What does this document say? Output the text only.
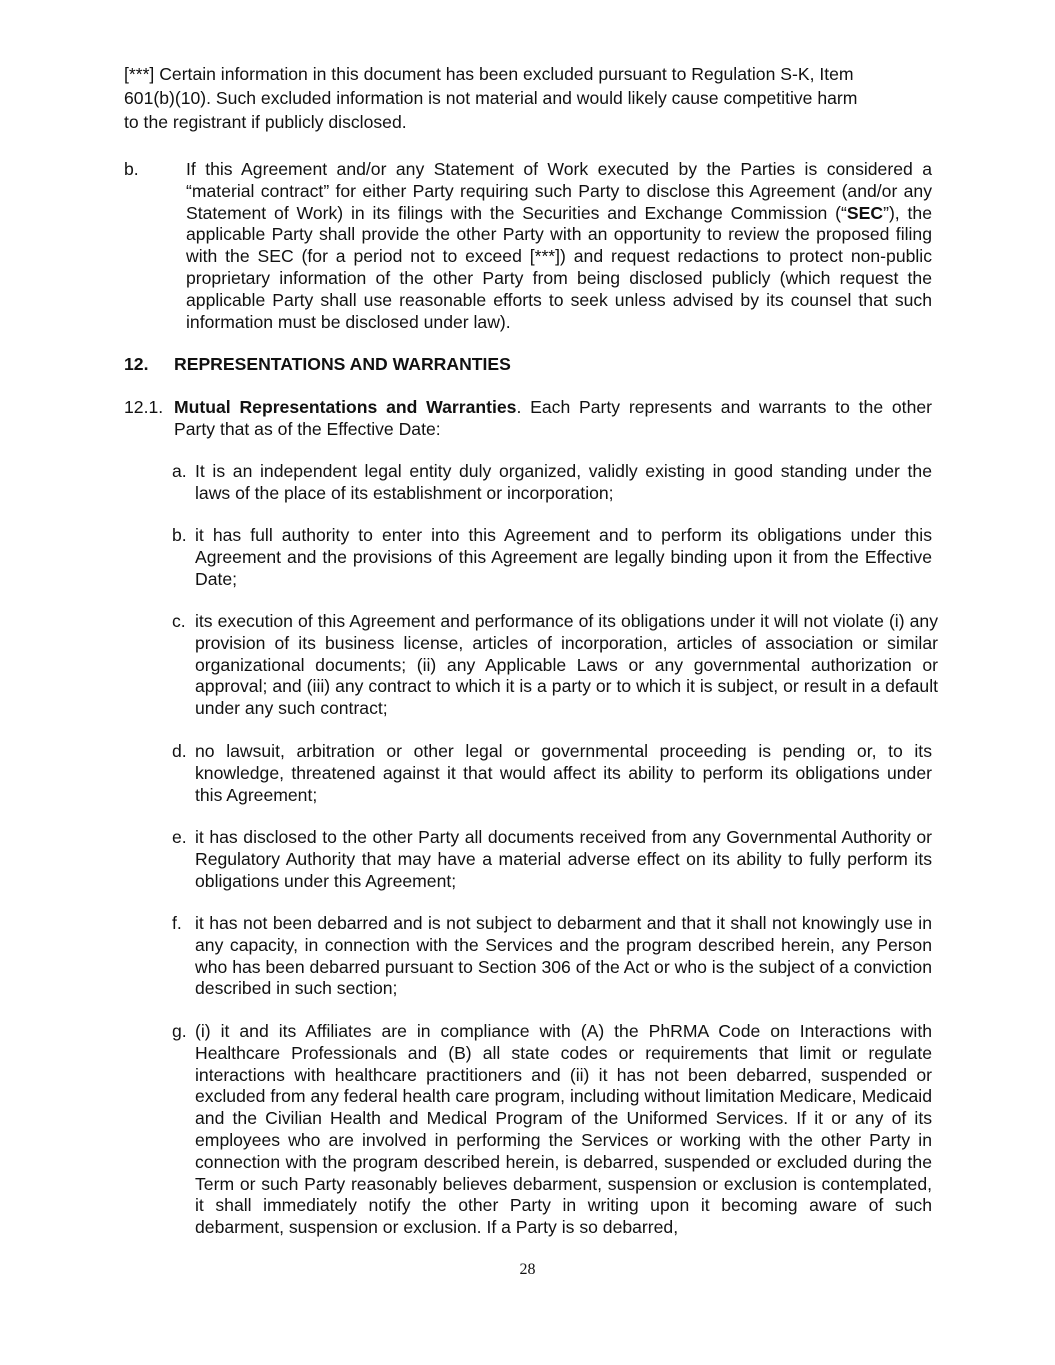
[***] Certain information in this document has been excluded pursuant to Regulation S-K, Item
601(b)(10). Such excluded information is not material and would likely cause competitive harm
to the registrant if publicly disclosed.
b.	If this Agreement and/or any Statement of Work executed by the Parties is considered a “material contract” for either Party requiring such Party to disclose this Agreement (and/or any Statement of Work) in its filings with the Securities and Exchange Commission (“SEC”), the applicable Party shall provide the other Party with an opportunity to review the proposed filing with the SEC (for a period not to exceed [***]) and request redactions to protect non-public proprietary information of the other Party from being disclosed publicly (which request the applicable Party shall use reasonable efforts to seek unless advised by its counsel that such information must be disclosed under law).
12. REPRESENTATIONS AND WARRANTIES
12.1. Mutual Representations and Warranties. Each Party represents and warrants to the other Party that as of the Effective Date:
a. It is an independent legal entity duly organized, validly existing in good standing under the laws of the place of its establishment or incorporation;
b. it has full authority to enter into this Agreement and to perform its obligations under this Agreement and the provisions of this Agreement are legally binding upon it from the Effective Date;
c. its execution of this Agreement and performance of its obligations under it will not violate (i) any provision of its business license, articles of incorporation, articles of association or similar organizational documents; (ii) any Applicable Laws or any governmental authorization or approval; and (iii) any contract to which it is a party or to which it is subject, or result in a default under any such contract;
d. no lawsuit, arbitration or other legal or governmental proceeding is pending or, to its knowledge, threatened against it that would affect its ability to perform its obligations under this Agreement;
e. it has disclosed to the other Party all documents received from any Governmental Authority or Regulatory Authority that may have a material adverse effect on its ability to fully perform its obligations under this Agreement;
f. it has not been debarred and is not subject to debarment and that it shall not knowingly use in any capacity, in connection with the Services and the program described herein, any Person who has been debarred pursuant to Section 306 of the Act or who is the subject of a conviction described in such section;
g. (i) it and its Affiliates are in compliance with (A) the PhRMA Code on Interactions with Healthcare Professionals and (B) all state codes or requirements that limit or regulate interactions with healthcare practitioners and (ii) it has not been debarred, suspended or excluded from any federal health care program, including without limitation Medicare, Medicaid and the Civilian Health and Medical Program of the Uniformed Services. If it or any of its employees who are involved in performing the Services or working with the other Party in connection with the program described herein, is debarred, suspended or excluded during the Term or such Party reasonably believes debarment, suspension or exclusion is contemplated, it shall immediately notify the other Party in writing upon it becoming aware of such debarment, suspension or exclusion. If a Party is so debarred,
28
